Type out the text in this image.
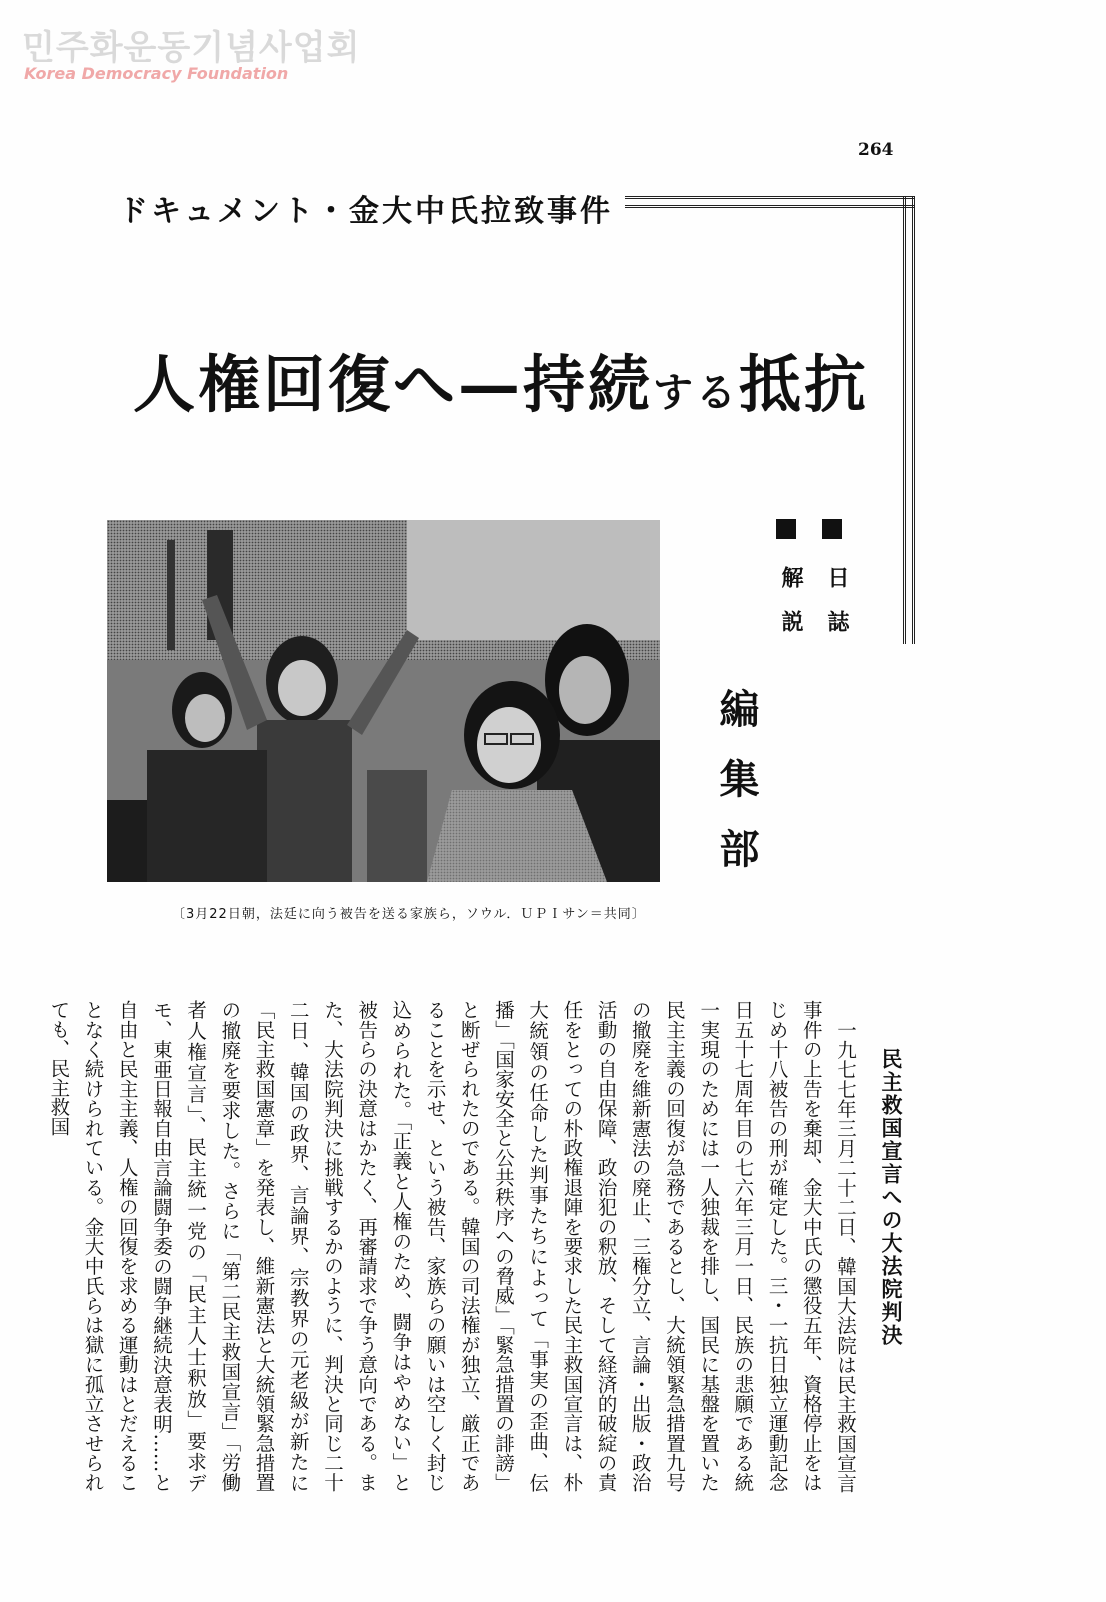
민주화운동기념사업회
Korea Democracy Foundation
264
ドキュメント・金大中氏拉致事件
人権回復へ—持続する抵抗
〔3月22日朝，法廷に向う被告を送る家族ら，ソウル．ＵＰＩサン＝共同〕
日誌
解説
編集部
民主救国宣言への大法院判決

一九七七年三月二十二日、韓国大法院は民主救国宣言事件の上告を棄却、金大中氏の懲役五年、資格停止をはじめ十八被告の刑が確定した。三・一抗日独立運動記念日五十七周年目の七六年三月一日、民族の悲願である統一実現のためには一人独裁を排し、国民に基盤を置いた民主主義の回復が急務であるとし、大統領緊急措置九号の撤廃を維新憲法の廃止、三権分立、言論・出版・政治活動の自由保障、政治犯の釈放、そして経済的破綻の責任をとっての朴政権退陣を要求した民主救国宣言は、朴大統領の任命した判事たちによって「事実の歪曲、伝播」「国家安全と公共秩序への脅威」「緊急措置の誹謗」と断ぜられたのである。韓国の司法権が独立、厳正であることを示せ、という被告、家族らの願いは空しく封じ込められた。「正義と人権のため、闘争はやめない」と被告らの決意はかたく、再審請求で争う意向である。また、大法院判決に挑戦するかのように、判決と同じ二十二日、韓国の政界、言論界、宗教界の元老級が新たに「民主救国憲章」を発表し、維新憲法と大統領緊急措置の撤廃を要求した。さらに「第二民主救国宣言」「労働者人権宣言」、民主統一党の「民主人士釈放」要求デモ、東亜日報自由言論闘争委の闘争継続決意表明……と自由と民主主義、人権の回復を求める運動はとだえることなく続けられている。金大中氏らは獄に孤立させられても、民主救国
